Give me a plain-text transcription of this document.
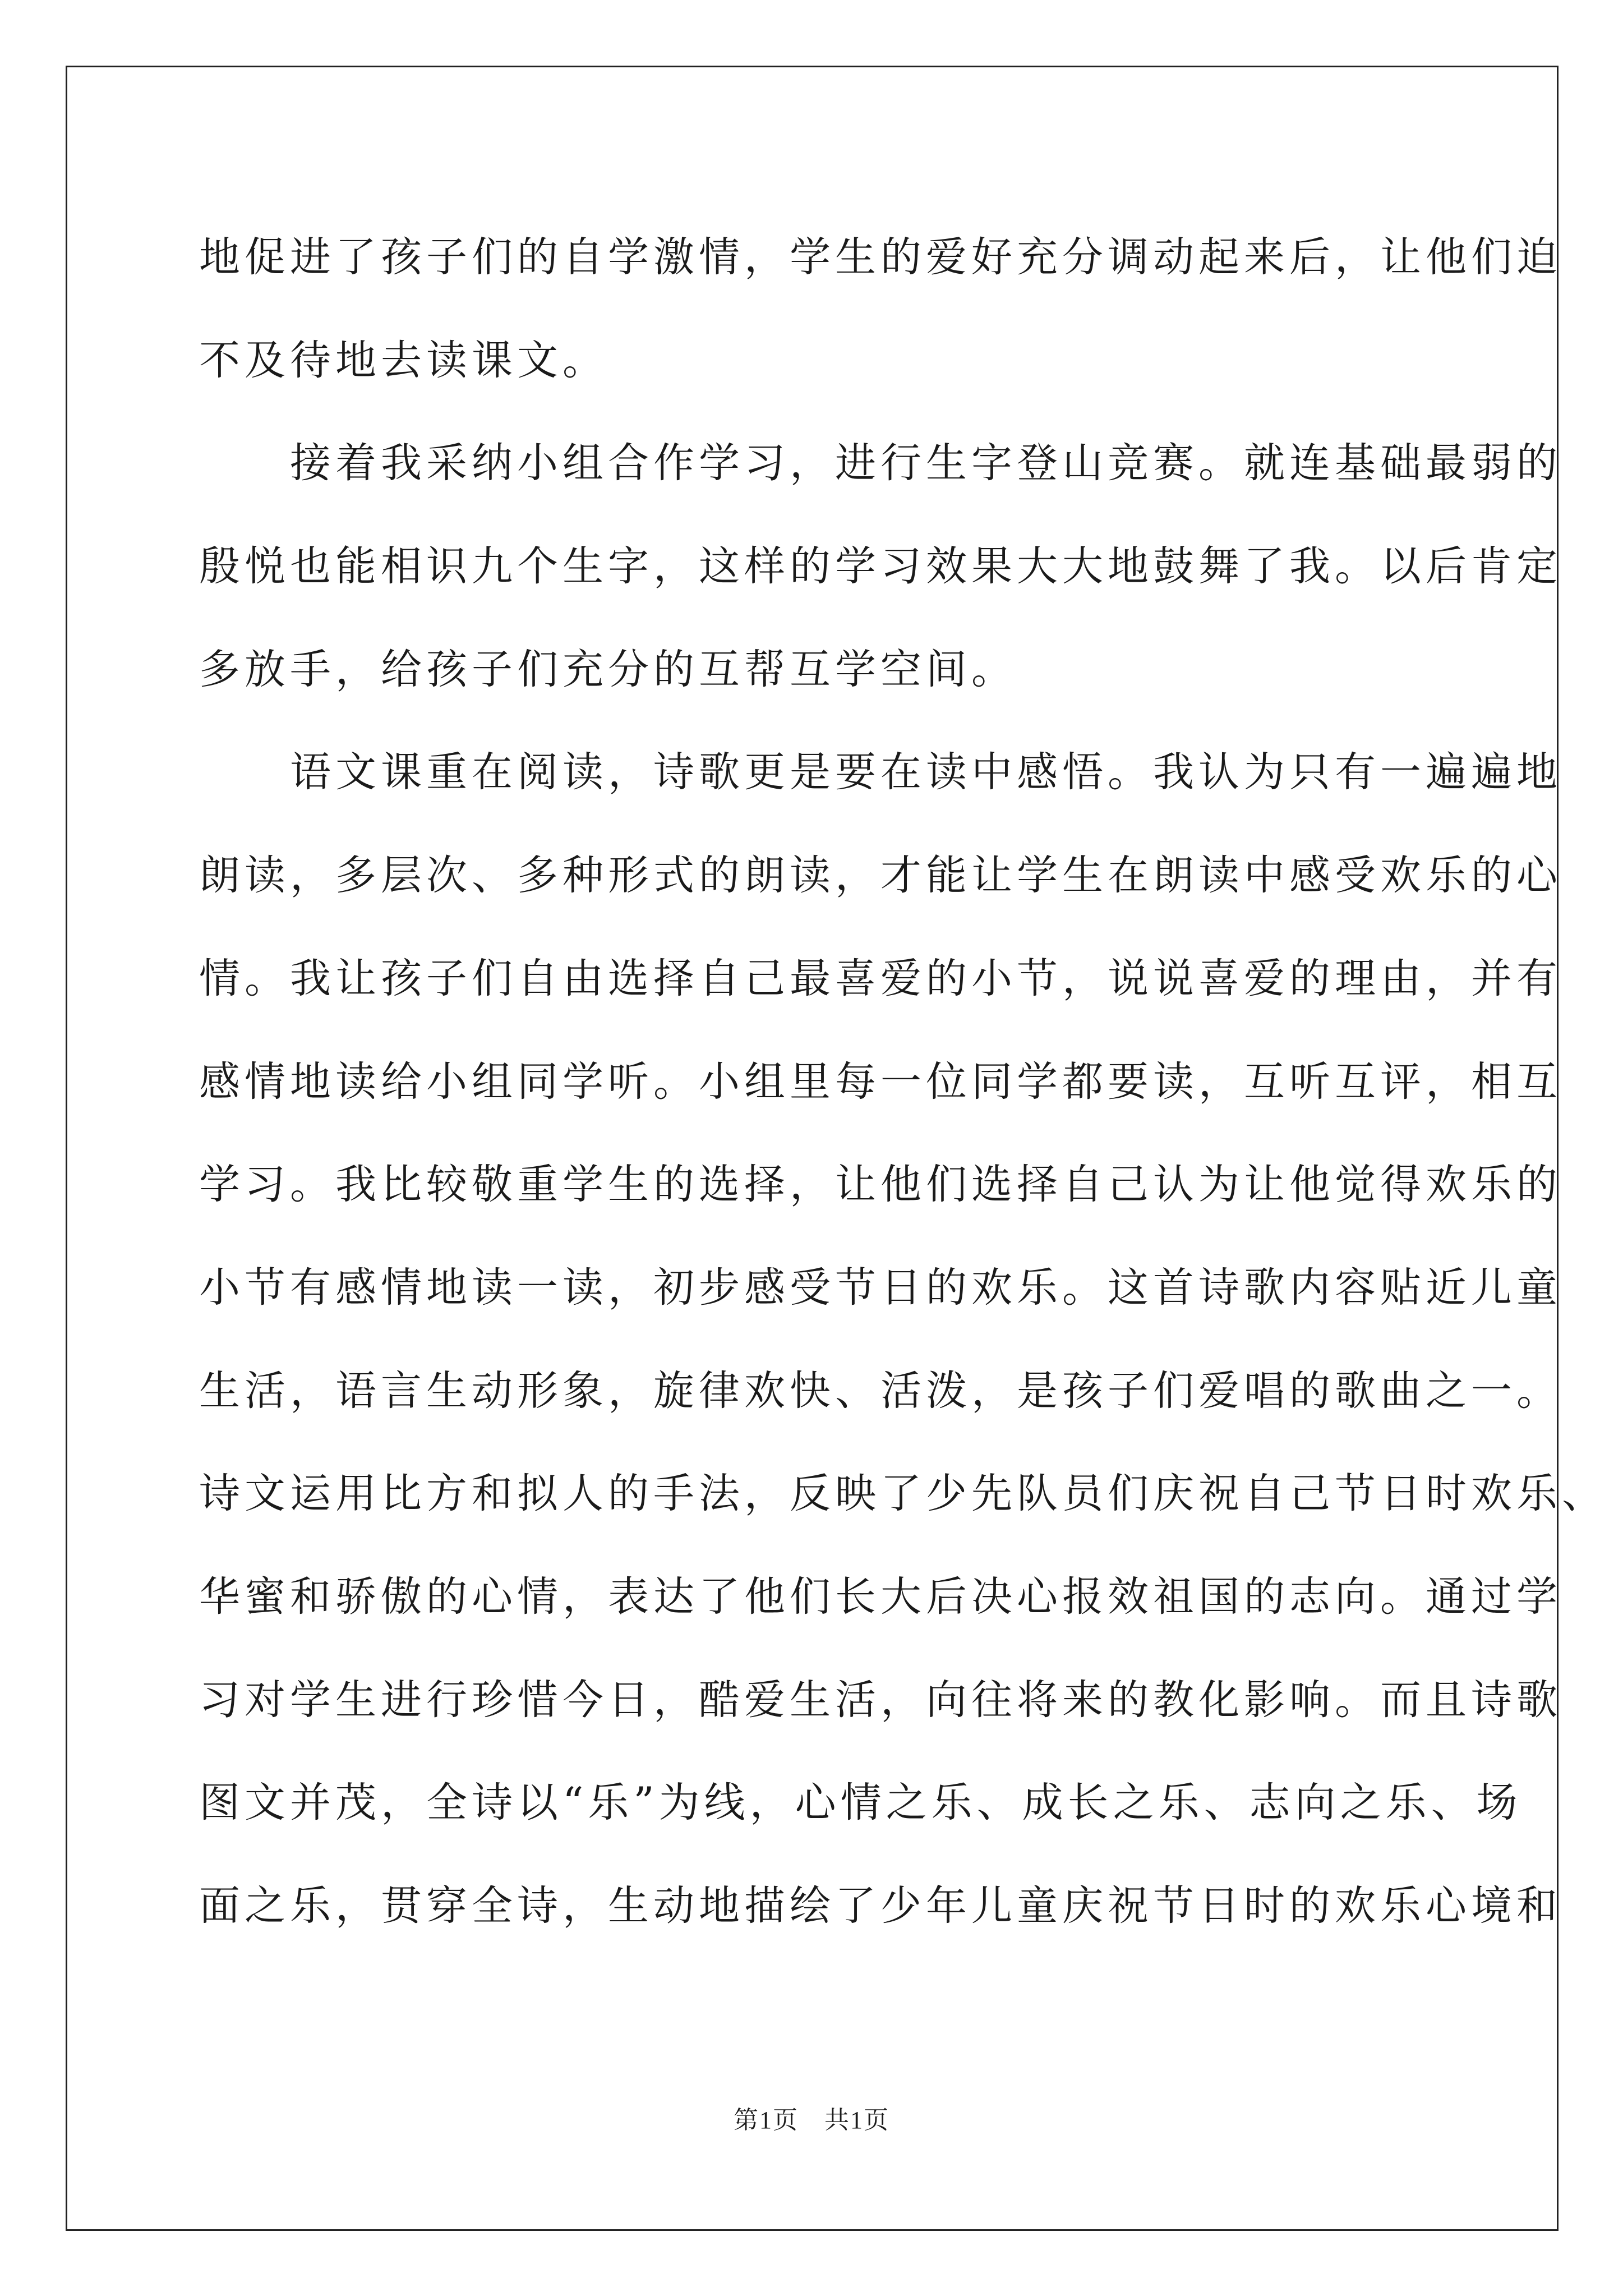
地促进了孩子们的自学激情，学生的爱好充分调动起来后，让他们迫
不及待地去读课文。
　　接着我采纳小组合作学习，进行生字登山竞赛。就连基础最弱的
殷悦也能相识九个生字，这样的学习效果大大地鼓舞了我。以后肯定
多放手，给孩子们充分的互帮互学空间。
　　语文课重在阅读，诗歌更是要在读中感悟。我认为只有一遍遍地
朗读，多层次、多种形式的朗读，才能让学生在朗读中感受欢乐的心
情。我让孩子们自由选择自己最喜爱的小节，说说喜爱的理由，并有
感情地读给小组同学听。小组里每一位同学都要读，互听互评，相互
学习。我比较敬重学生的选择，让他们选择自己认为让他觉得欢乐的
小节有感情地读一读，初步感受节日的欢乐。这首诗歌内容贴近儿童
生活，语言生动形象，旋律欢快、活泼，是孩子们爱唱的歌曲之一。
诗文运用比方和拟人的手法，反映了少先队员们庆祝自己节日时欢乐、
华蜜和骄傲的心情，表达了他们长大后决心报效祖国的志向。通过学
习对学生进行珍惜今日，酷爱生活，向往将来的教化影响。而且诗歌
图文并茂，全诗以“乐”为线，心情之乐、成长之乐、志向之乐、场
面之乐，贯穿全诗，生动地描绘了少年儿童庆祝节日时的欢乐心境和
第1页　共1页
